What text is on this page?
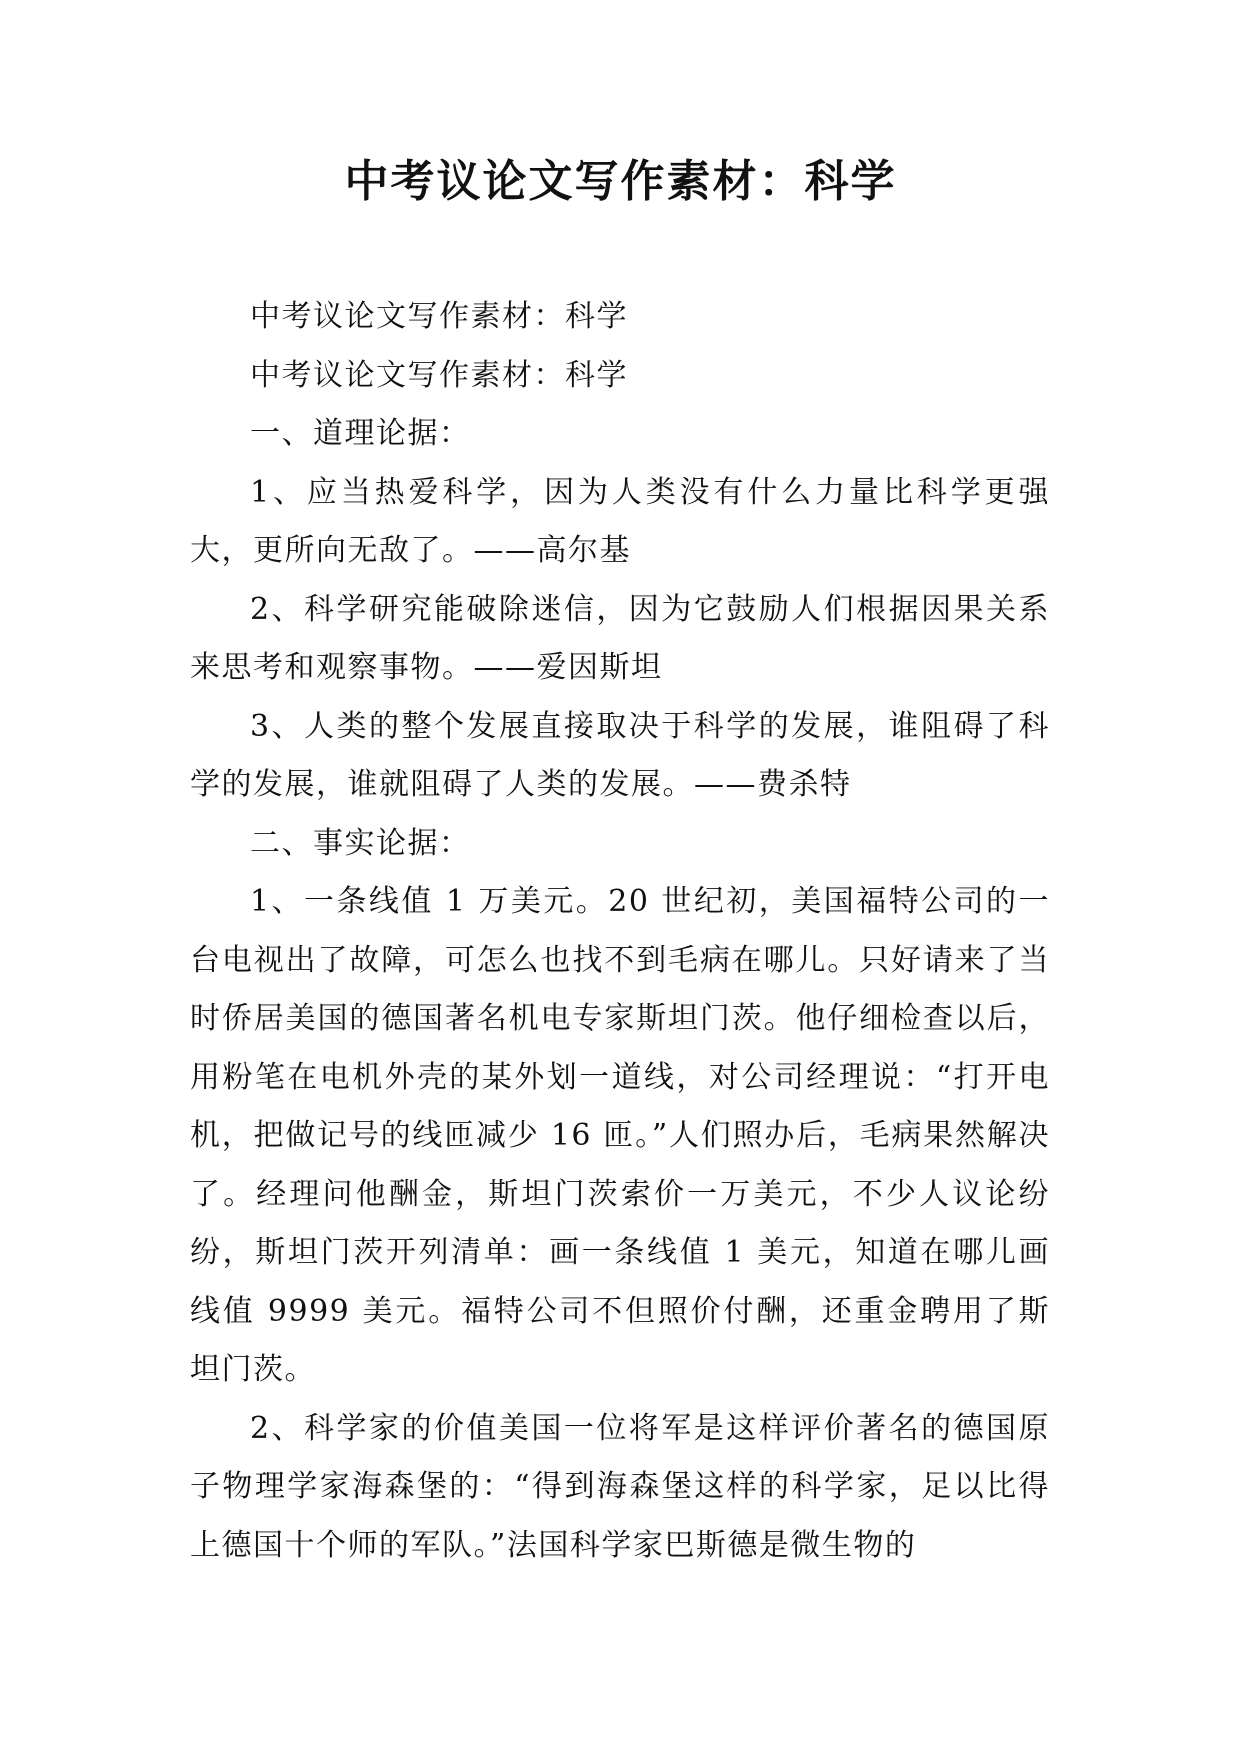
中考议论文写作素材：科学

中考议论文写作素材：科学

中考议论文写作素材：科学

一、道理论据：

1、应当热爱科学，因为人类没有什么力量比科学更强大，更所向无敌了。——高尔基

2、科学研究能破除迷信，因为它鼓励人们根据因果关系来思考和观察事物。——爱因斯坦

3、人类的整个发展直接取决于科学的发展，谁阻碍了科学的发展，谁就阻碍了人类的发展。——费杀特

二、事实论据：

1、一条线值 1 万美元。20 世纪初，美国福特公司的一台电视出了故障，可怎么也找不到毛病在哪儿。只好请来了当时侨居美国的德国著名机电专家斯坦门茨。他仔细检查以后，用粉笔在电机外壳的某外划一道线，对公司经理说：“打开电机，把做记号的线匝减少 16 匝。”人们照办后，毛病果然解决了。经理问他酬金，斯坦门茨索价一万美元，不少人议论纷纷，斯坦门茨开列清单：画一条线值 1 美元，知道在哪儿画线值 9999 美元。福特公司不但照价付酬，还重金聘用了斯坦门茨。

2、科学家的价值美国一位将军是这样评价著名的德国原子物理学家海森堡的：“得到海森堡这样的科学家，足以比得上德国十个师的军队。”法国科学家巴斯德是微生物的
